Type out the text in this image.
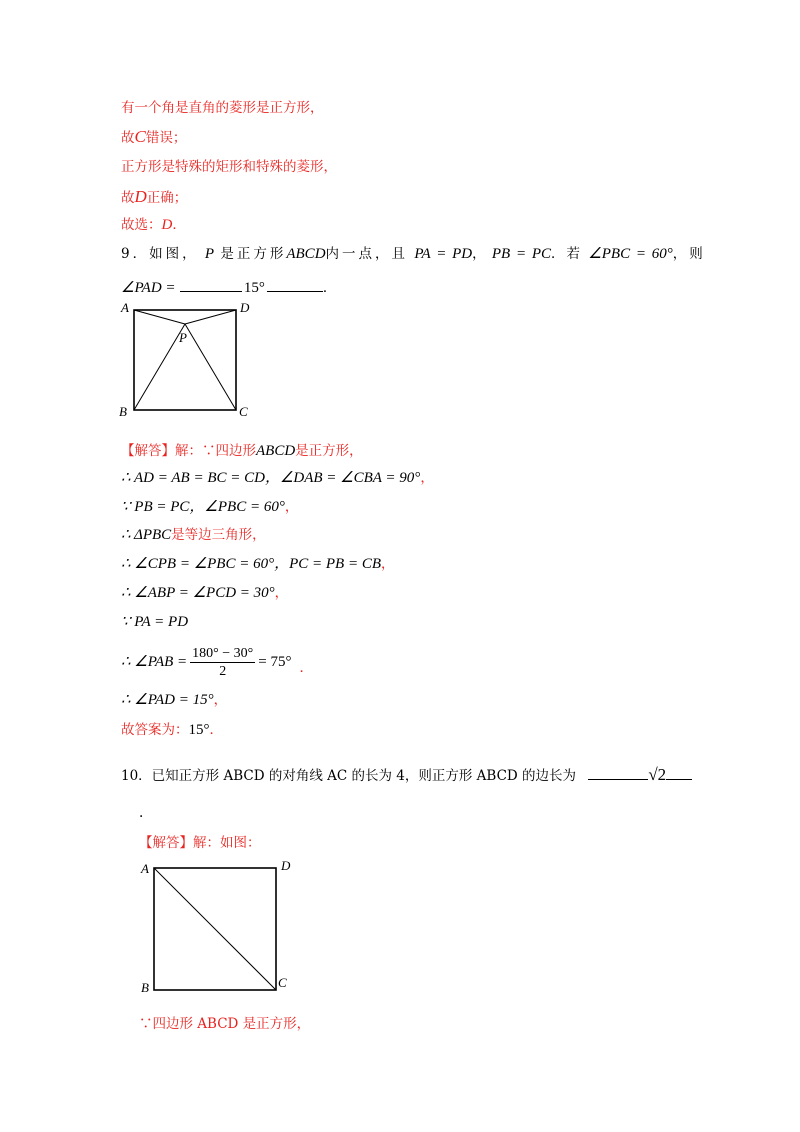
有一个角是直角的菱形是正方形，
故C错误；
正方形是特殊的矩形和特殊的菱形，
故D正确；
故选：D．
9．如图， P 是正方形ABCD内一点，且 PA = PD， PB = PC．若 ∠PBC = 60°，则
∠PAD =	15°	．
A	D
P
B	C
【解答】解：∵四边形ABCD是正方形，
∴ AD = AB = BC = CD，∠DAB = ∠CBA = 90°，
∵ PB = PC，∠PBC = 60°，
∴ ΔPBC是等边三角形，
∴ ∠CPB = ∠PBC = 60°，PC = PB = CB，
∴ ∠ABP = ∠PCD = 30°，
∵ PA = PD
∴ ∠PAB = $\frac{180^\circ - 30^\circ}{2} = 75^\circ$ ．
∴ ∠PAD = 15°，
故答案为：15°．
10．已知正方形 ABCD 的对角线 AC 的长为 4，则正方形 ABCD 的边长为	√2
.
【解答】解：如图：
A	D
B	C
∵四边形 ABCD 是正方形，
